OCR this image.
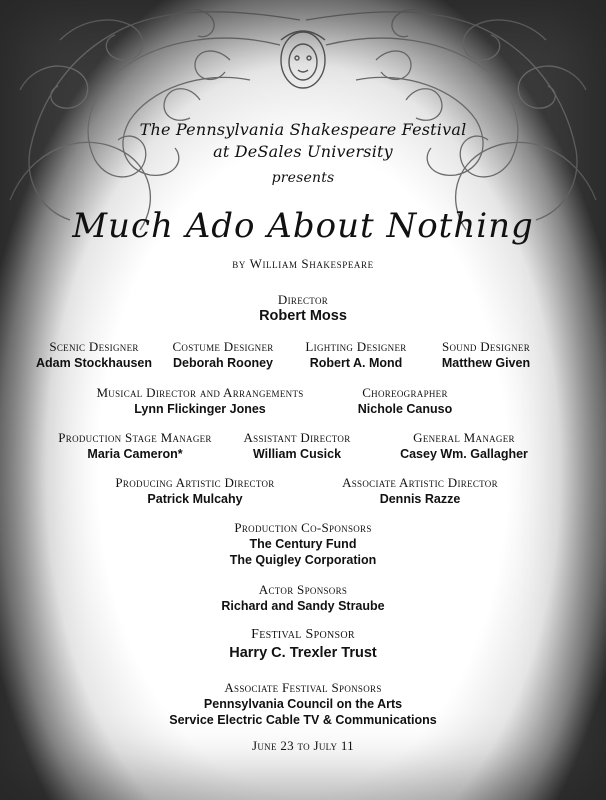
The Pennsylvania Shakespeare Festival
at DeSales University
presents
Much Ado About Nothing
by William Shakespeare
Director
Robert Moss
Scenic Designer
Adam Stockhausen
Costume Designer
Deborah Rooney
Lighting Designer
Robert A. Mond
Sound Designer
Matthew Given
Musical Director and Arrangements
Lynn Flickinger Jones
Choreographer
Nichole Canuso
Production Stage Manager
Maria Cameron*
Assistant Director
William Cusick
General Manager
Casey Wm. Gallagher
Producing Artistic Director
Patrick Mulcahy
Associate Artistic Director
Dennis Razze
Production Co-Sponsors
The Century Fund
The Quigley Corporation
Actor Sponsors
Richard and Sandy Straube
Festival Sponsor
Harry C. Trexler Trust
Associate Festival Sponsors
Pennsylvania Council on the Arts
Service Electric Cable TV & Communications
June 23 to July 11
